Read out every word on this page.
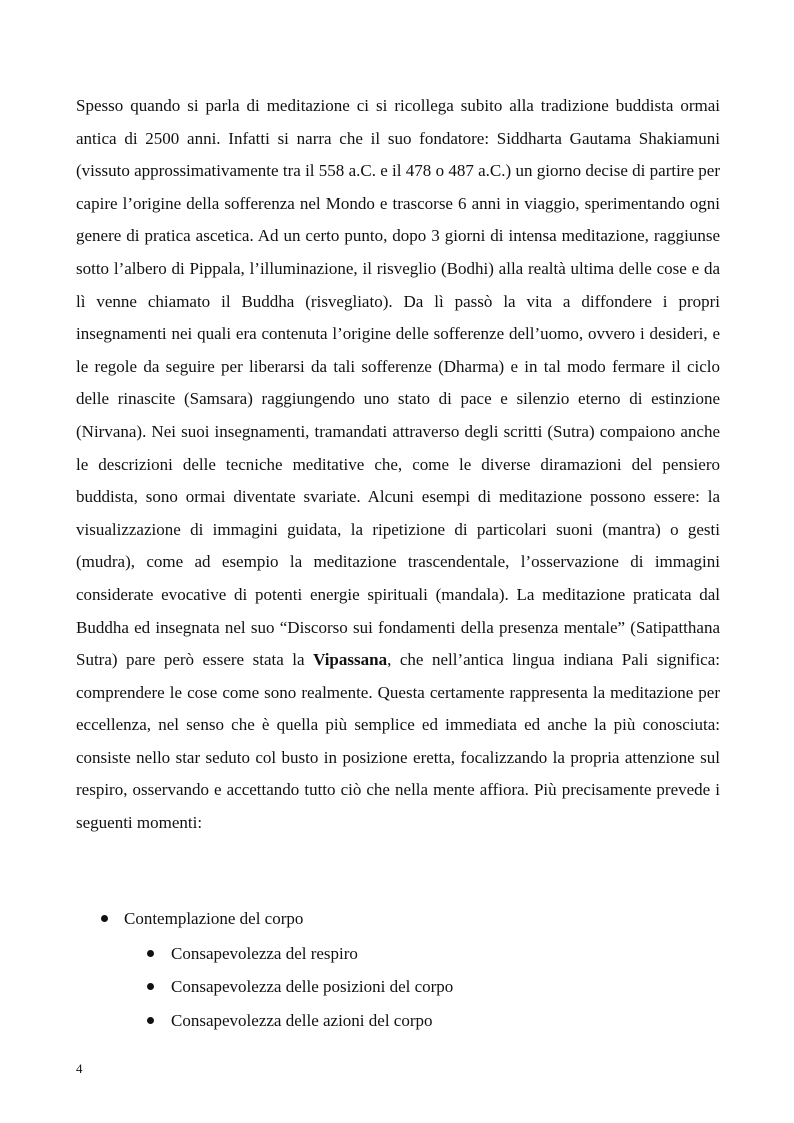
Spesso quando si parla di meditazione ci si ricollega subito alla tradizione buddista ormai antica di 2500 anni. Infatti si narra che il suo fondatore: Siddharta Gautama Shakiamuni (vissuto approssimativamente tra il 558 a.C. e il 478 o 487 a.C.) un giorno decise di partire per capire l’origine della sofferenza nel Mondo e trascorse 6 anni in viaggio, sperimentando ogni genere di pratica ascetica. Ad un certo punto, dopo 3 giorni di intensa meditazione, raggiunse sotto l’albero di Pippala, l’illuminazione, il risveglio (Bodhi) alla realtà ultima delle cose e da lì venne chiamato il Buddha (risvegliato). Da lì passò la vita a diffondere i propri insegnamenti nei quali era contenuta l’origine delle sofferenze dell’uomo, ovvero i desideri, e le regole da seguire per liberarsi da tali sofferenze (Dharma) e in tal modo fermare il ciclo delle rinascite (Samsara) raggiungendo uno stato di pace e silenzio eterno di estinzione (Nirvana). Nei suoi insegnamenti, tramandati attraverso degli scritti (Sutra) compaiono anche le descrizioni delle tecniche meditative che, come le diverse diramazioni del pensiero buddista, sono ormai diventate svariate. Alcuni esempi di meditazione possono essere: la visualizzazione di immagini guidata, la ripetizione di particolari suoni (mantra) o gesti (mudra), come ad esempio la meditazione trascendentale, l’osservazione di immagini considerate evocative di potenti energie spirituali (mandala). La meditazione praticata dal Buddha ed insegnata nel suo “Discorso sui fondamenti della presenza mentale” (Satipatthana Sutra) pare però essere stata la Vipassana, che nell’antica lingua indiana Pali significa: comprendere le cose come sono realmente. Questa certamente rappresenta la meditazione per eccellenza, nel senso che è quella più semplice ed immediata ed anche la più conosciuta: consiste nello star seduto col busto in posizione eretta, focalizzando la propria attenzione sul respiro, osservando e accettando tutto ciò che nella mente affiora. Più precisamente prevede i seguenti momenti:

Contemplazione del corpo
Consapevolezza del respiro
Consapevolezza delle posizioni del corpo
Consapevolezza delle azioni del corpo
4
